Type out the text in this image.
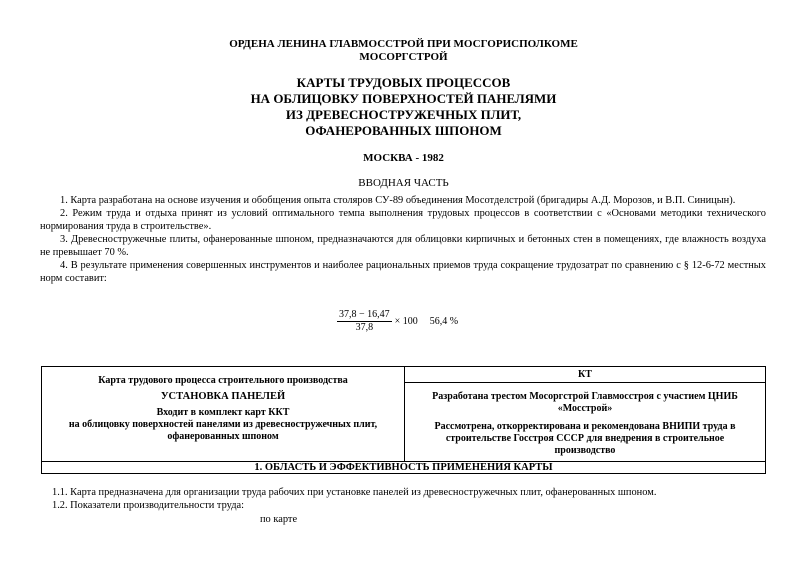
ОРДЕНА ЛЕНИНА ГЛАВМОССТРОЙ ПРИ МОСГОРИСПОЛКОМЕ
МОСОРГСТРОЙ
КАРТЫ ТРУДОВЫХ ПРОЦЕССОВ
НА ОБЛИЦОВКУ ПОВЕРХНОСТЕЙ ПАНЕЛЯМИ
ИЗ ДРЕВЕСНОСТРУЖЕЧНЫХ ПЛИТ,
ОФАНЕРОВАННЫХ ШПОНОМ
МОСКВА - 1982
ВВОДНАЯ ЧАСТЬ

1. Карта разработана на основе изучения и обобщения опыта столяров СУ-89 объединения Мосотделстрой (бригадиры А.Д. Морозов, и В.П. Синицын).

2. Режим труда и отдыха принят из условий оптимального темпа выполнения трудовых процессов в соответствии с «Основами методики технического нормирования труда в строительстве».

3. Древесностружечные плиты, офанерованные шпоном, предназначаются для облицовки кирпичных и бетонных стен в помещениях, где влажность воздуха не превышает 70 %.

4. В результате применения совершенных инструментов и наиболее рациональных приемов труда сокращение трудозатрат по сравнению с § 12-6-72 местных норм составит:

$\frac{37,8 - 16,47}{37,8} \times 100$ 56,4 %
Карта трудового процесса строительного производства
УСТАНОВКА ПАНЕЛЕЙ
Входит в комплект карт ККТ
на облицовку поверхностей панелями из древесностружечных плит,
офанерованных шпоном

КТ
Разработана трестом Мосоргстрой Главмосстроя с участием ЦНИБ
«Мосстрой»
Рассмотрена, откорректирована и рекомендована ВНИПИ труда в
строительстве Госстроя СССР для внедрения в строительное
производство

1. ОБЛАСТЬ И ЭФФЕКТИВНОСТЬ ПРИМЕНЕНИЯ КАРТЫ

1.1. Карта предназначена для организации труда рабочих при установке панелей из древесностружечных плит, офанерованных шпоном.

1.2. Показатели производительности труда:

по карте
